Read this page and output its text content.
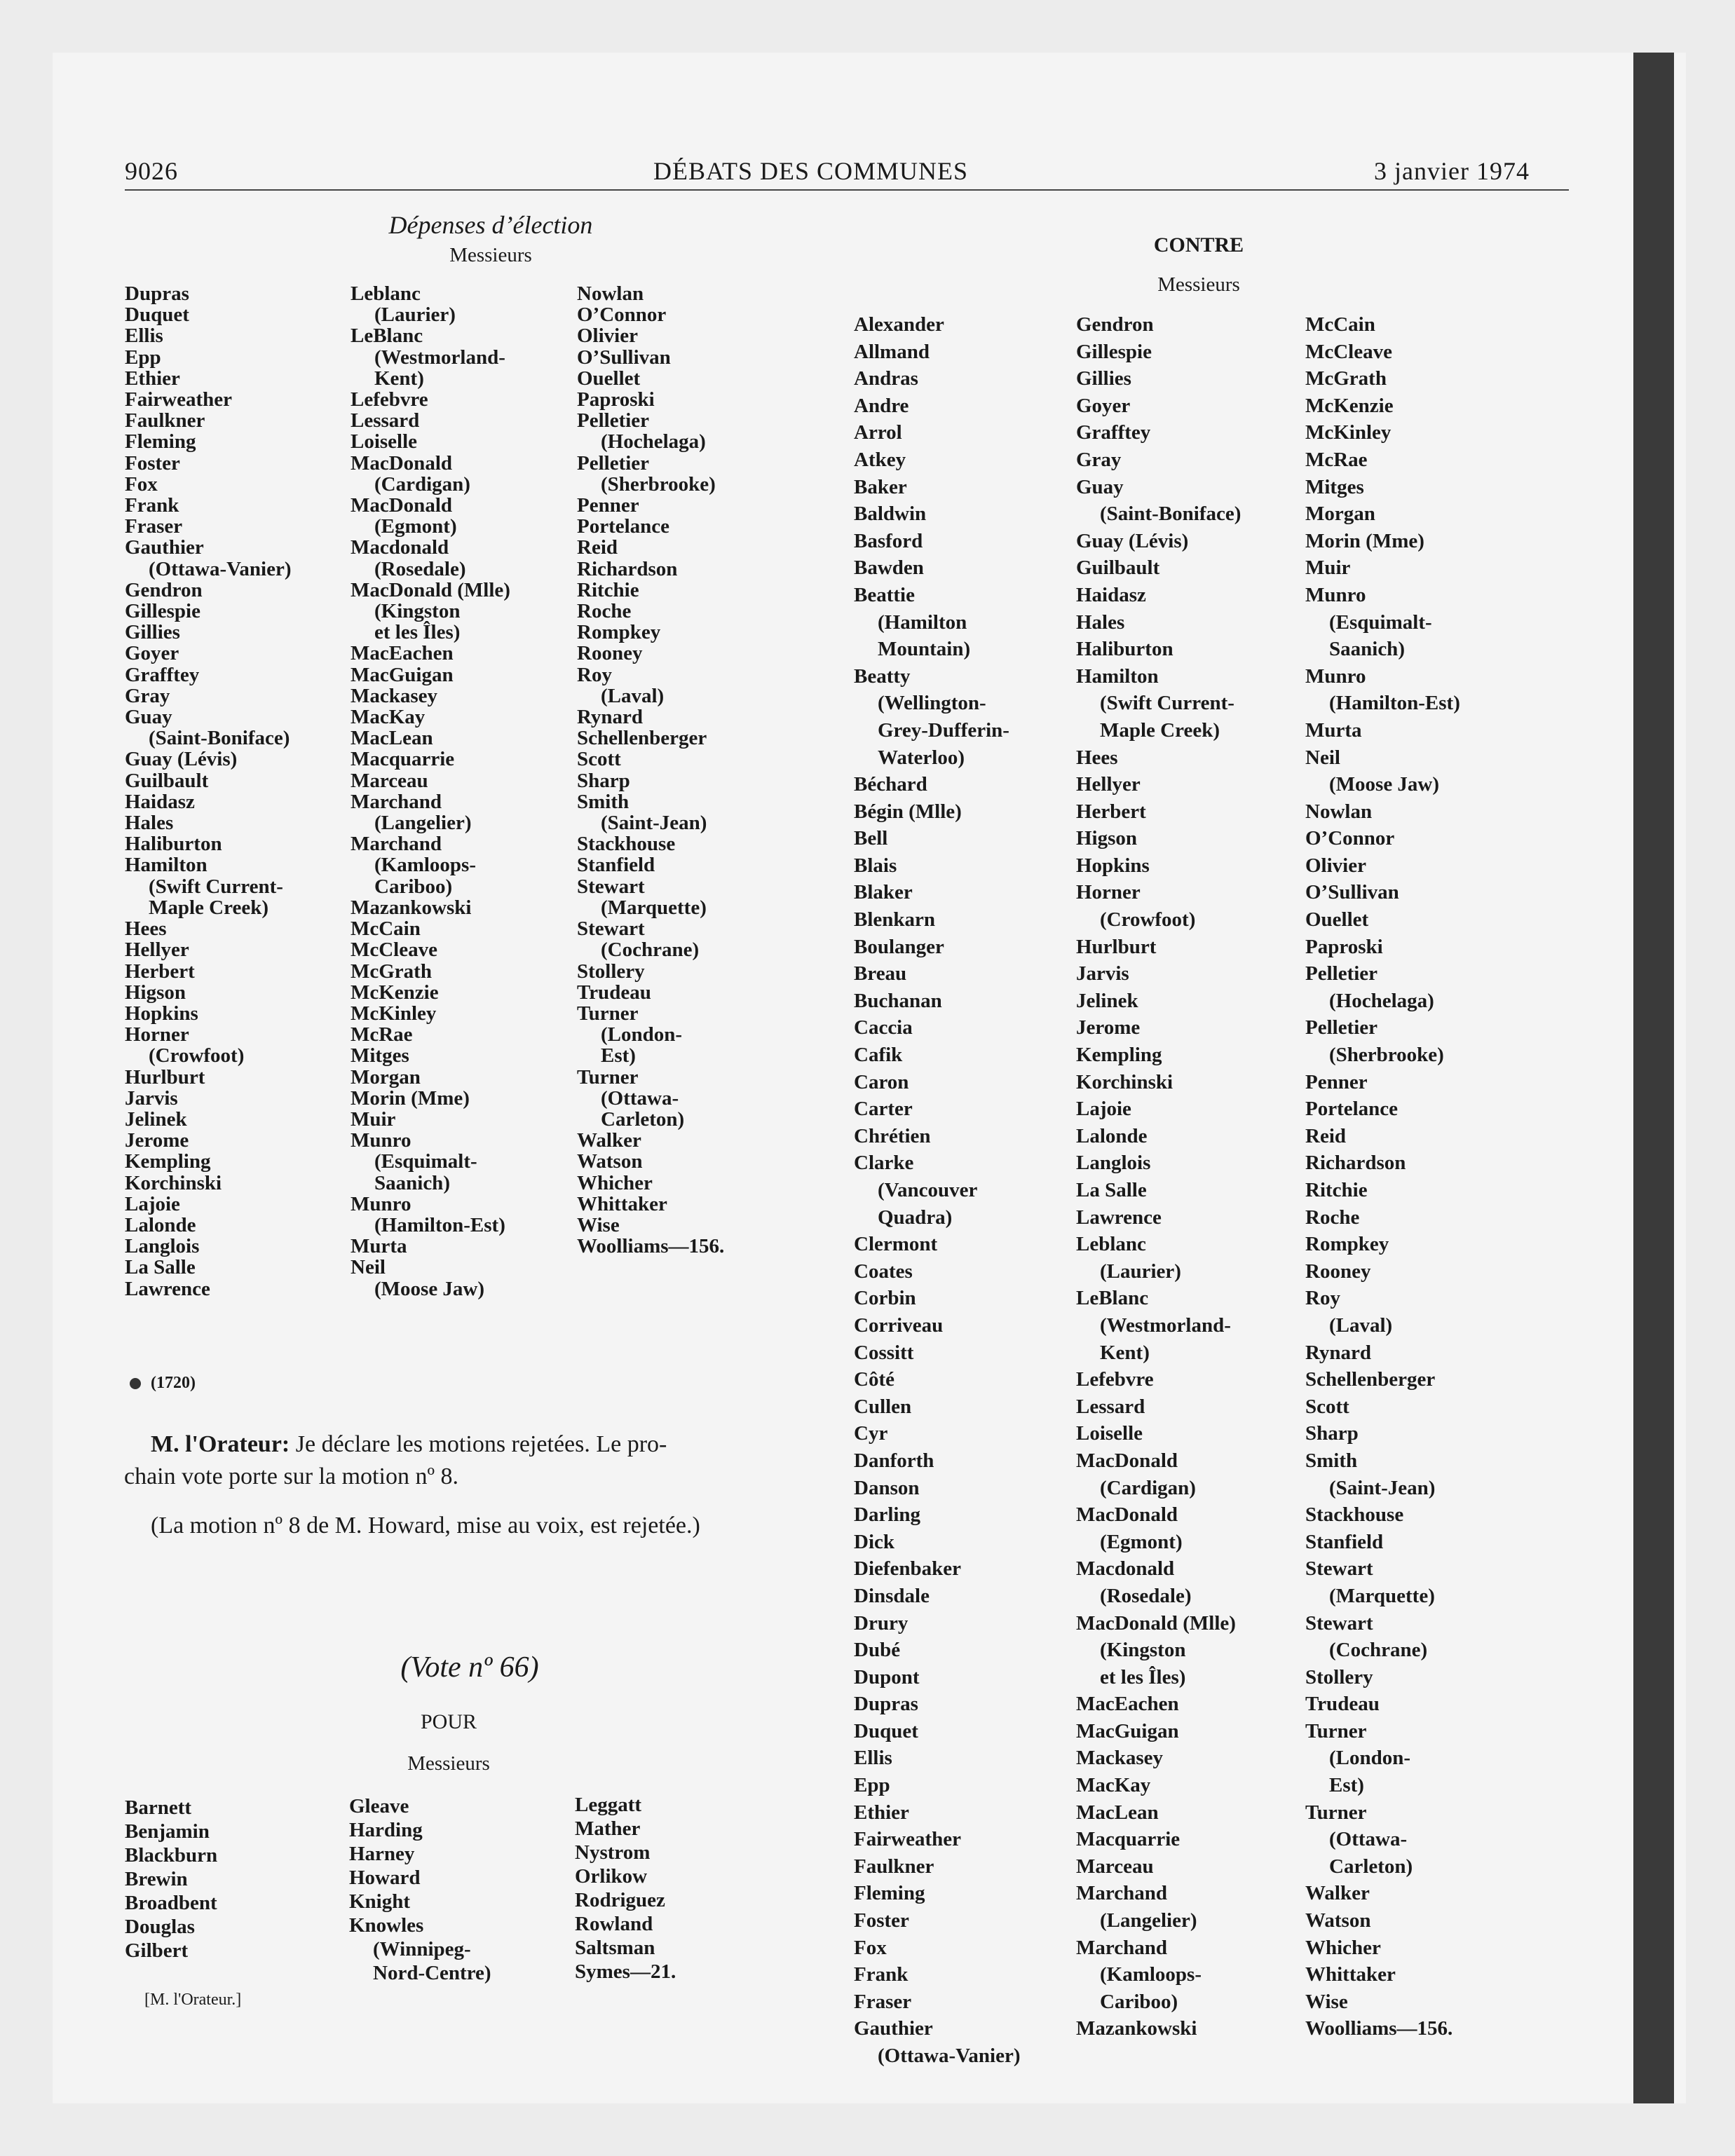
9026	DÉBATS DES COMMUNES	3 janvier 1974
Dépenses d’élection
Messieurs
Dupras
Duquet
Ellis
Epp
Ethier
Fairweather
Faulkner
Fleming
Foster
Fox
Frank
Fraser
Gauthier
(Ottawa-Vanier)
Gendron
Gillespie
Gillies
Goyer
Grafftey
Gray
Guay
(Saint-Boniface)
Guay (Lévis)
Guilbault
Haidasz
Hales
Haliburton
Hamilton
(Swift Current-
Maple Creek)
Hees
Hellyer
Herbert
Higson
Hopkins
Horner
(Crowfoot)
Hurlburt
Jarvis
Jelinek
Jerome
Kempling
Korchinski
Lajoie
Lalonde
Langlois
La Salle
Lawrence
Leblanc
(Laurier)
LeBlanc
(Westmorland-
Kent)
Lefebvre
Lessard
Loiselle
MacDonald
(Cardigan)
MacDonald
(Egmont)
Macdonald
(Rosedale)
MacDonald (Mlle)
(Kingston
et les Îles)
MacEachen
MacGuigan
Mackasey
MacKay
MacLean
Macquarrie
Marceau
Marchand
(Langelier)
Marchand
(Kamloops-
Cariboo)
Mazankowski
McCain
McCleave
McGrath
McKenzie
McKinley
McRae
Mitges
Morgan
Morin (Mme)
Muir
Munro
(Esquimalt-
Saanich)
Munro
(Hamilton-Est)
Murta
Neil
(Moose Jaw)
Nowlan
O’Connor
Olivier
O’Sullivan
Ouellet
Paproski
Pelletier
(Hochelaga)
Pelletier
(Sherbrooke)
Penner
Portelance
Reid
Richardson
Ritchie
Roche
Rompkey
Rooney
Roy
(Laval)
Rynard
Schellenberger
Scott
Sharp
Smith
(Saint-Jean)
Stackhouse
Stanfield
Stewart
(Marquette)
Stewart
(Cochrane)
Stollery
Trudeau
Turner
(London-
Est)
Turner
(Ottawa-
Carleton)
Walker
Watson
Whicher
Whittaker
Wise
Woolliams—156.
(1720)
M. l'Orateur: Je déclare les motions rejetées. Le pro-
chain vote porte sur la motion nº 8.
(La motion nº 8 de M. Howard, mise au voix, est rejetée.)
(Vote nº 66)
POUR
Messieurs
Barnett
Benjamin
Blackburn
Brewin
Broadbent
Douglas
Gilbert
Gleave
Harding
Harney
Howard
Knight
Knowles
(Winnipeg-
Nord-Centre)
Leggatt
Mather
Nystrom
Orlikow
Rodriguez
Rowland
Saltsman
Symes—21.
[M. l'Orateur.]
CONTRE
Messieurs
Alexander
Allmand
Andras
Andre
Arrol
Atkey
Baker
Baldwin
Basford
Bawden
Beattie
(Hamilton
Mountain)
Beatty
(Wellington-
Grey-Dufferin-
Waterloo)
Béchard
Bégin (Mlle)
Bell
Blais
Blaker
Blenkarn
Boulanger
Breau
Buchanan
Caccia
Cafik
Caron
Carter
Chrétien
Clarke
(Vancouver
Quadra)
Clermont
Coates
Corbin
Corriveau
Cossitt
Côté
Cullen
Cyr
Danforth
Danson
Darling
Dick
Diefenbaker
Dinsdale
Drury
Dubé
Dupont
Dupras
Duquet
Ellis
Epp
Ethier
Fairweather
Faulkner
Fleming
Foster
Fox
Frank
Fraser
Gauthier
(Ottawa-Vanier)
Gendron
Gillespie
Gillies
Goyer
Grafftey
Gray
Guay
(Saint-Boniface)
Guay (Lévis)
Guilbault
Haidasz
Hales
Haliburton
Hamilton
(Swift Current-
Maple Creek)
Hees
Hellyer
Herbert
Higson
Hopkins
Horner
(Crowfoot)
Hurlburt
Jarvis
Jelinek
Jerome
Kempling
Korchinski
Lajoie
Lalonde
Langlois
La Salle
Lawrence
Leblanc
(Laurier)
LeBlanc
(Westmorland-
Kent)
Lefebvre
Lessard
Loiselle
MacDonald
(Cardigan)
MacDonald
(Egmont)
Macdonald
(Rosedale)
MacDonald (Mlle)
(Kingston
et les Îles)
MacEachen
MacGuigan
Mackasey
MacKay
MacLean
Macquarrie
Marceau
Marchand
(Langelier)
Marchand
(Kamloops-
Cariboo)
Mazankowski
McCain
McCleave
McGrath
McKenzie
McKinley
McRae
Mitges
Morgan
Morin (Mme)
Muir
Munro
(Esquimalt-
Saanich)
Munro
(Hamilton-Est)
Murta
Neil
(Moose Jaw)
Nowlan
O’Connor
Olivier
O’Sullivan
Ouellet
Paproski
Pelletier
(Hochelaga)
Pelletier
(Sherbrooke)
Penner
Portelance
Reid
Richardson
Ritchie
Roche
Rompkey
Rooney
Roy
(Laval)
Rynard
Schellenberger
Scott
Sharp
Smith
(Saint-Jean)
Stackhouse
Stanfield
Stewart
(Marquette)
Stewart
(Cochrane)
Stollery
Trudeau
Turner
(London-
Est)
Turner
(Ottawa-
Carleton)
Walker
Watson
Whicher
Whittaker
Wise
Woolliams—156.
